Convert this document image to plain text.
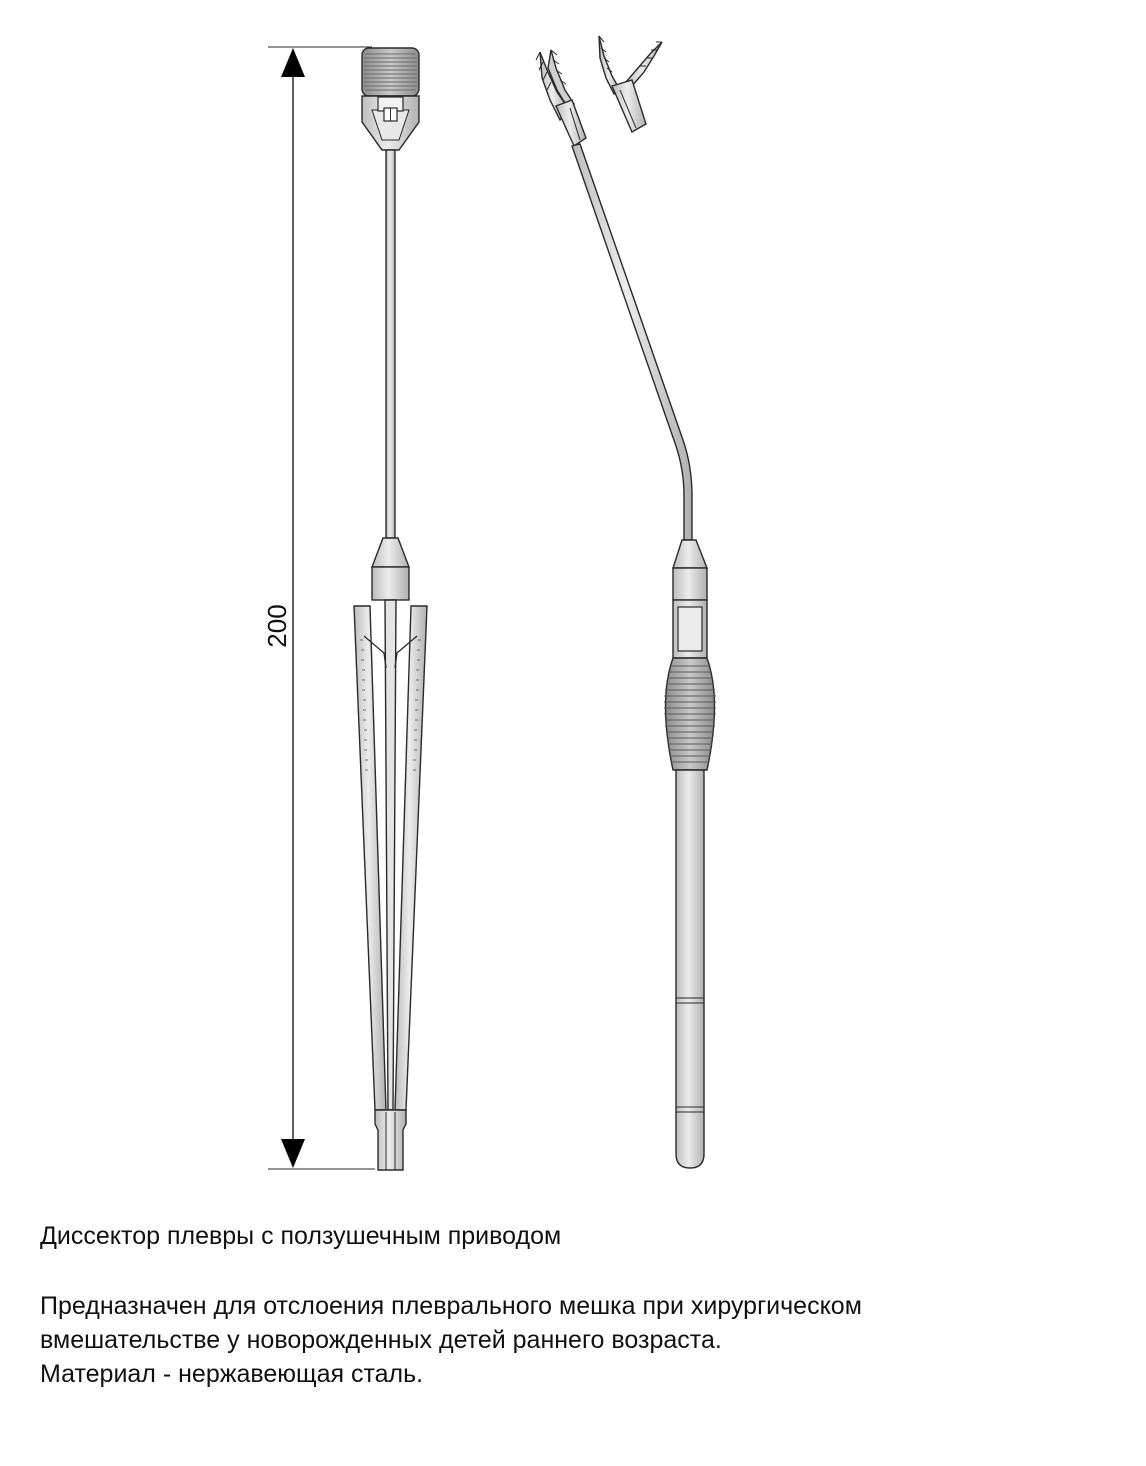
200
Диссектор плевры с ползушечным приводом

Предназначен для отслоения плеврального мешка при хирургическом
вмешательстве у новорожденных детей раннего возраста.
Материал - нержавеющая сталь.
